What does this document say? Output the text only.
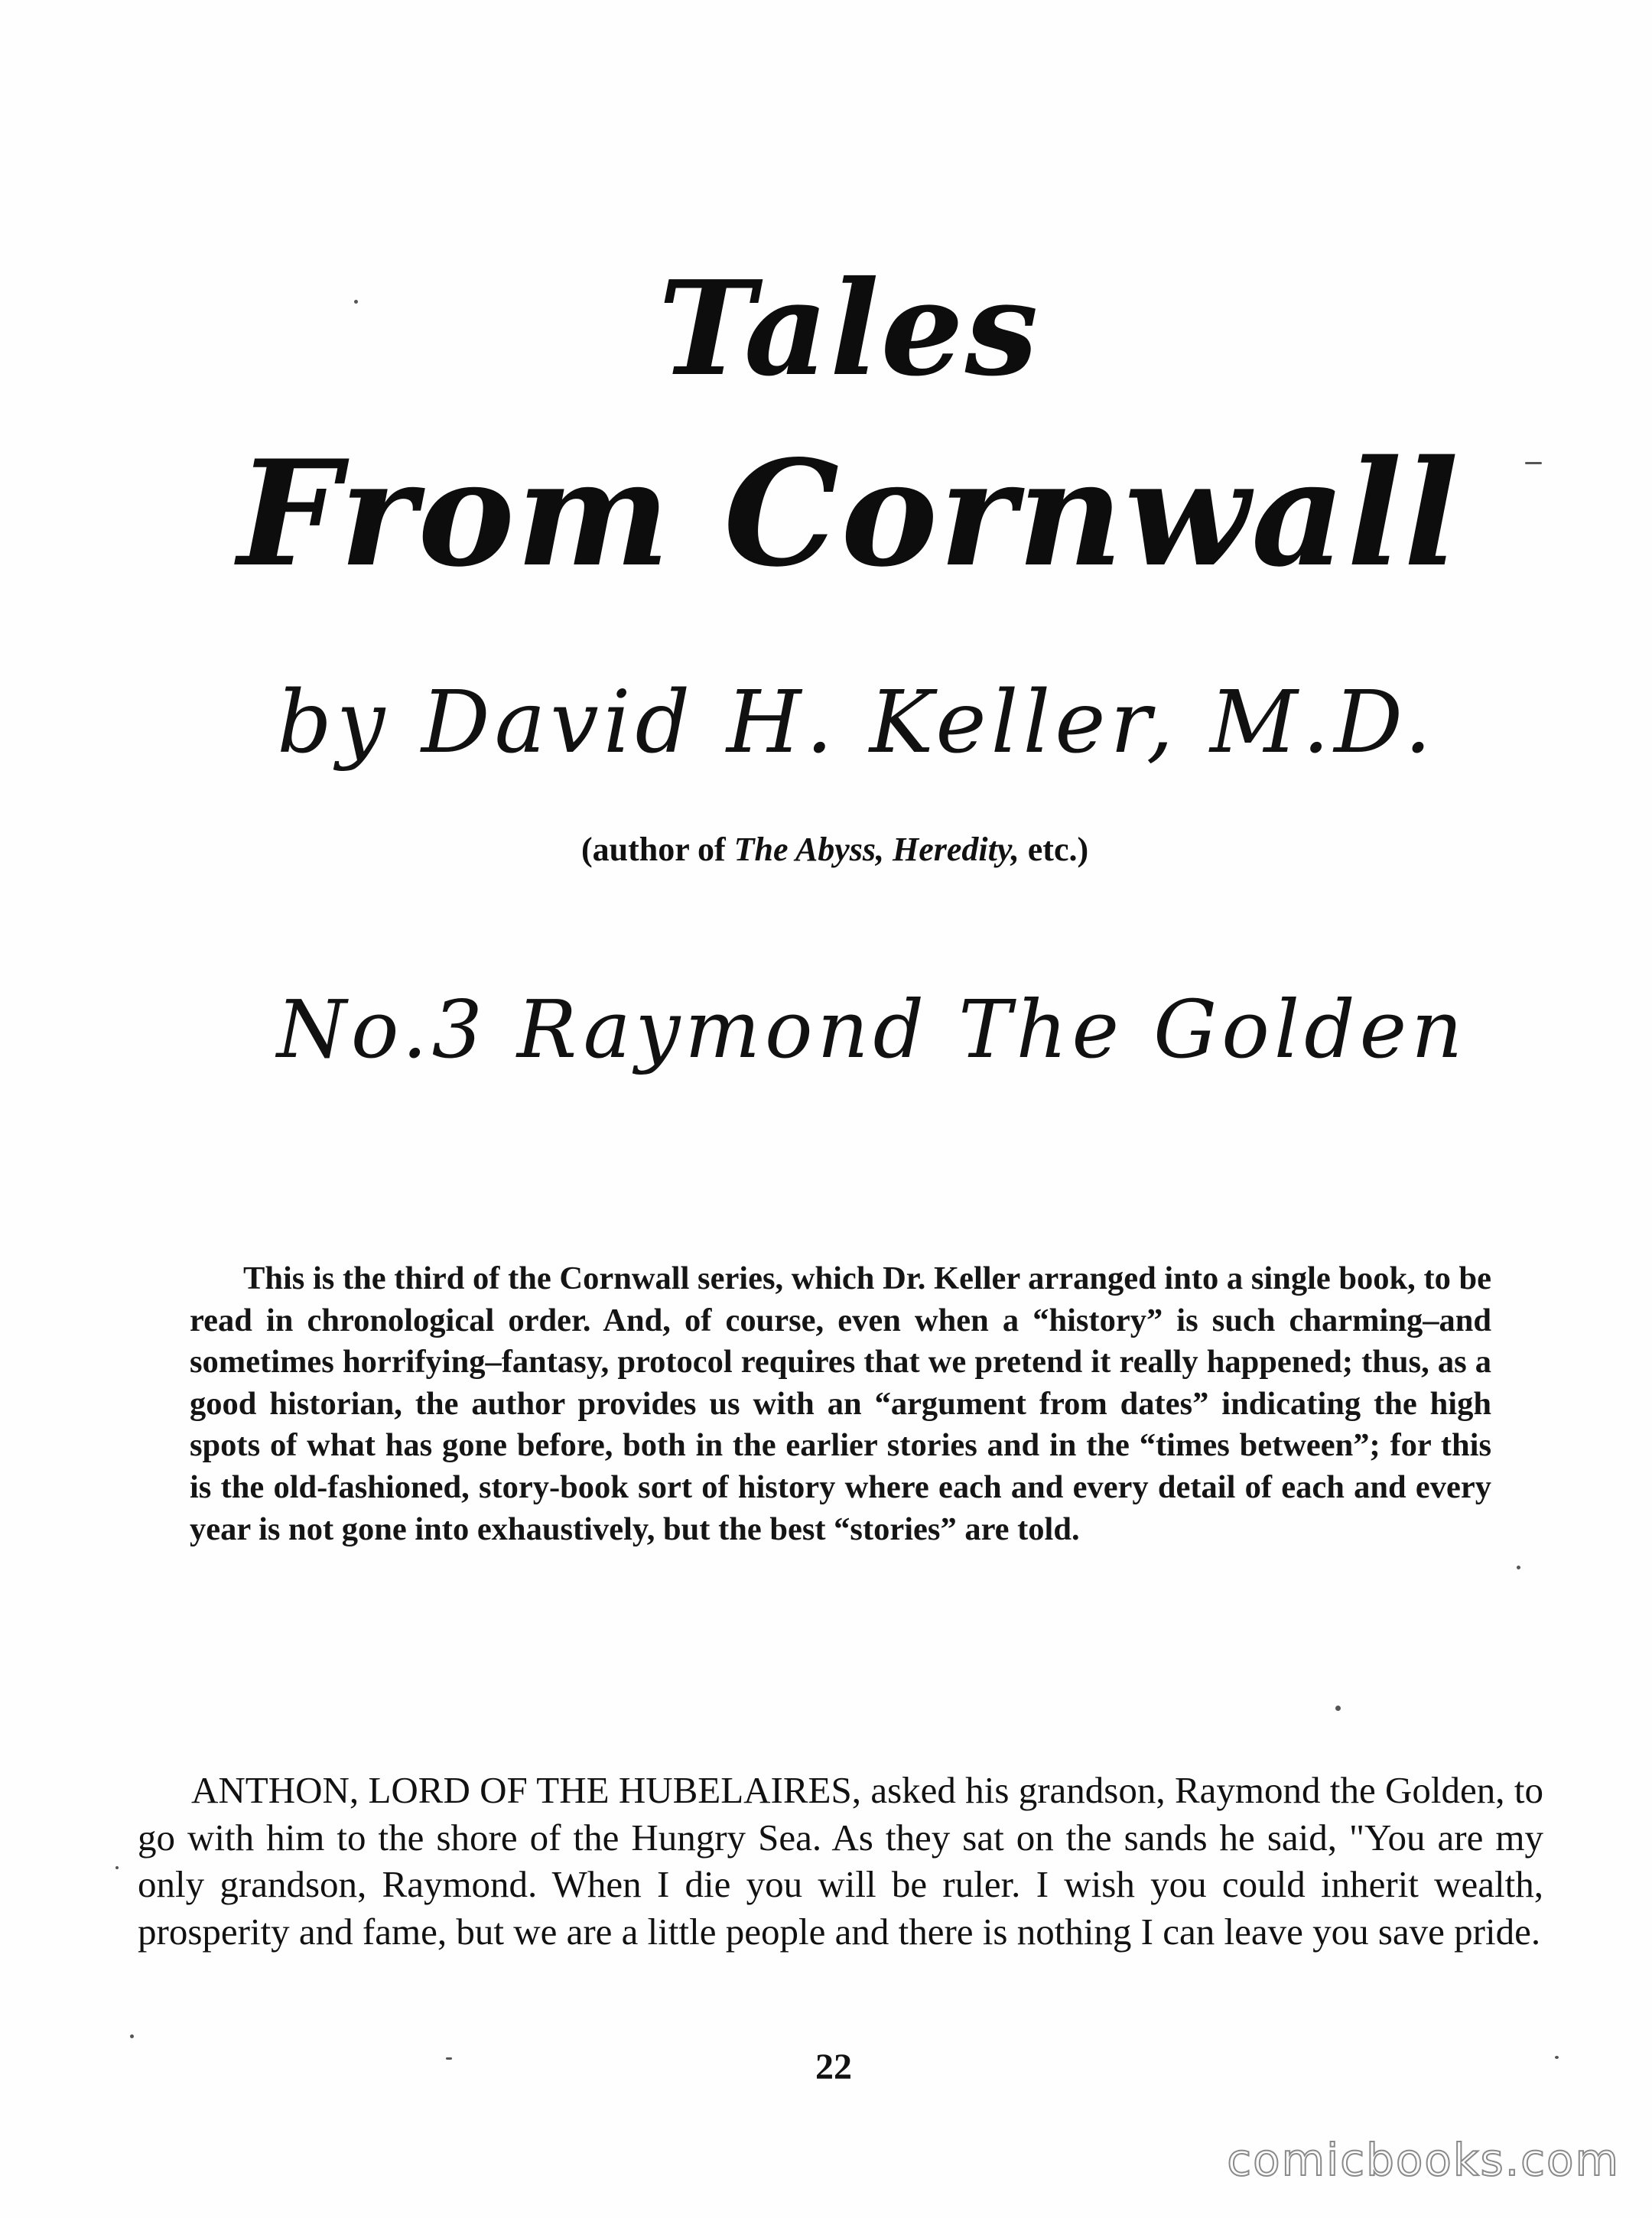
Tales
From Cornwall
by David H. Keller, M.D.
(author of The Abyss, Heredity, etc.)
No.3 Raymond The Golden

This is the third of the Cornwall series, which Dr. Keller arranged into a single book, to be read in chronological order. And, of course, even when a “history” is such charming–and sometimes horrifying–fantasy, protocol requires that we pretend it really happened; thus, as a good historian, the author provides us with an “argument from dates” indicating the high spots of what has gone before, both in the earlier stories and in the “times between”; for this is the old-fashioned, story-book sort of history where each and every detail of each and every year is not gone into exhaustively, but the best “stories” are told.

ANTHON, LORD OF THE HUBELAIRES, asked his grandson, Raymond the Golden, to go with him to the shore of the Hungry Sea. As they sat on the sands he said, "You are my only grandson, Raymond. When I die you will be ruler. I wish you could inherit wealth, prosperity and fame, but we are a little people and there is nothing I can leave you save pride.

22
comicbooks.com
